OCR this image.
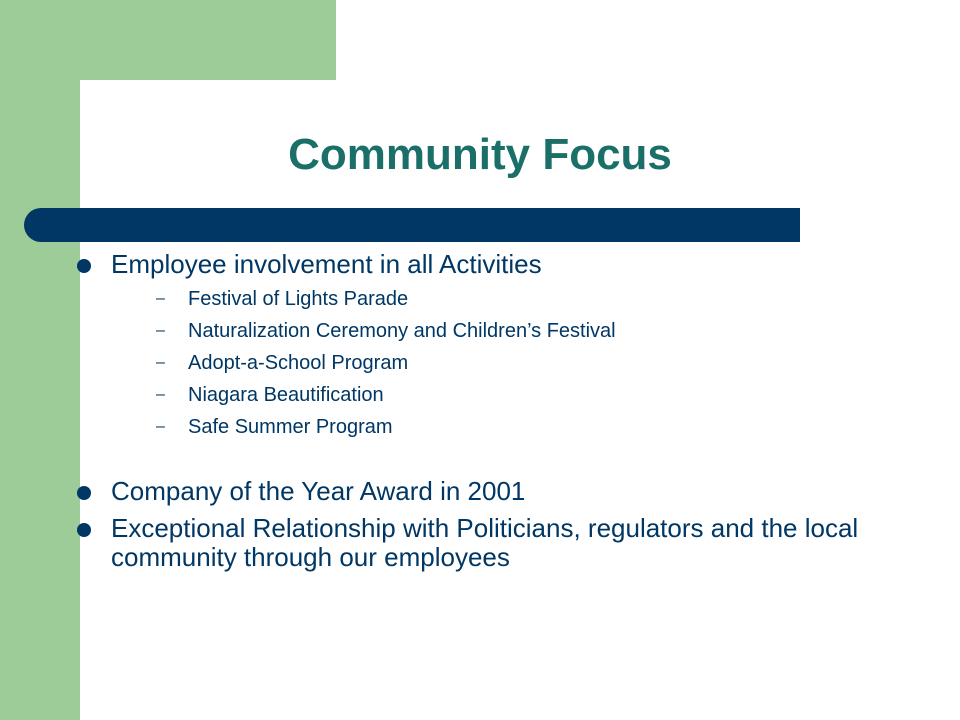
Community Focus
Employee involvement in all Activities
– Festival of Lights Parade
– Naturalization Ceremony and Children’s Festival
– Adopt-a-School Program
– Niagara Beautification
– Safe Summer Program
Company of the Year Award in 2001
Exceptional Relationship with Politicians, regulators and the local community through our employees
